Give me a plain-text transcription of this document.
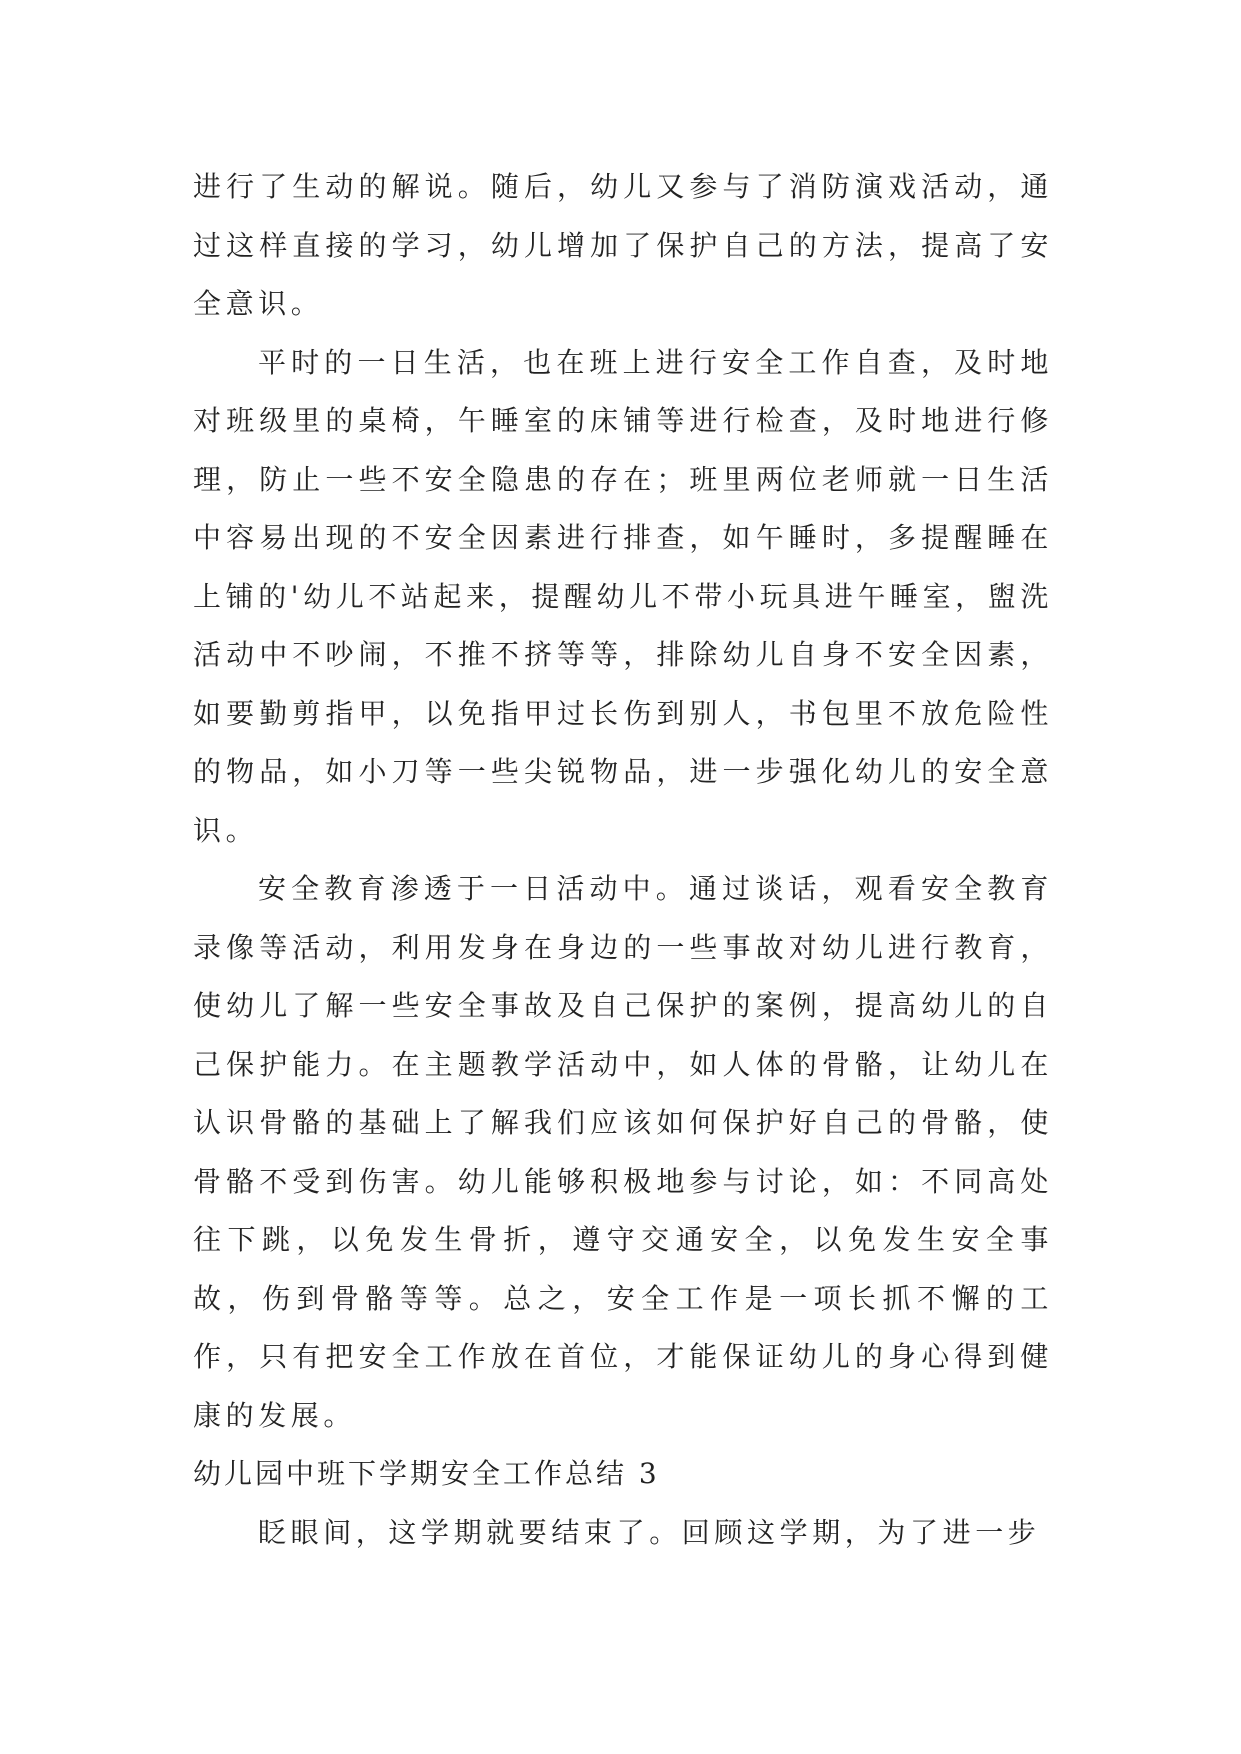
进行了生动的解说。随后，幼儿又参与了消防演戏活动，通过这样直接的学习，幼儿增加了保护自己的方法，提高了安全意识。

平时的一日生活，也在班上进行安全工作自查，及时地对班级里的桌椅，午睡室的床铺等进行检查，及时地进行修理，防止一些不安全隐患的存在；班里两位老师就一日生活中容易出现的不安全因素进行排查，如午睡时，多提醒睡在上铺的'幼儿不站起来，提醒幼儿不带小玩具进午睡室，盥洗活动中不吵闹，不推不挤等等，排除幼儿自身不安全因素，如要勤剪指甲，以免指甲过长伤到别人，书包里不放危险性的物品，如小刀等一些尖锐物品，进一步强化幼儿的安全意识。

安全教育渗透于一日活动中。通过谈话，观看安全教育录像等活动，利用发身在身边的一些事故对幼儿进行教育，使幼儿了解一些安全事故及自己保护的案例，提高幼儿的自己保护能力。在主题教学活动中，如人体的骨骼，让幼儿在认识骨骼的基础上了解我们应该如何保护好自己的骨骼，使骨骼不受到伤害。幼儿能够积极地参与讨论，如：不同高处往下跳，以免发生骨折，遵守交通安全，以免发生安全事故，伤到骨骼等等。总之，安全工作是一项长抓不懈的工作，只有把安全工作放在首位，才能保证幼儿的身心得到健康的发展。

幼儿园中班下学期安全工作总结 3

眨眼间，这学期就要结束了。回顾这学期，为了进一步
